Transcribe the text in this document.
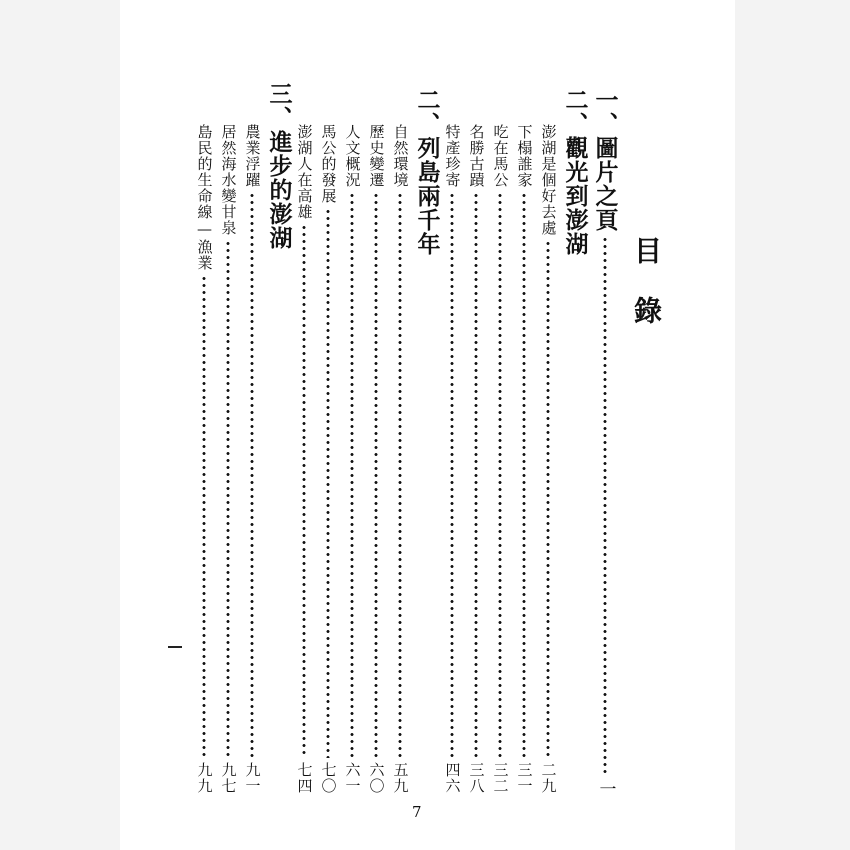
目
錄
一、
圖片之頁
一
二、
觀光到澎湖
澎湖是個好去處
二九
下榻誰家
三一
吃在馬公
三二
名勝古蹟
三八
特產珍寄
四六
二、
列島兩千年
自然環境
五九
歷史變遷
六〇
人文概況
六一
馬公的發展
七〇
澎湖人在高雄
七四
三、
進步的澎湖
農業浮躍
九一
居然海水變甘泉
九七
島民的生命線—漁業
九九
7
